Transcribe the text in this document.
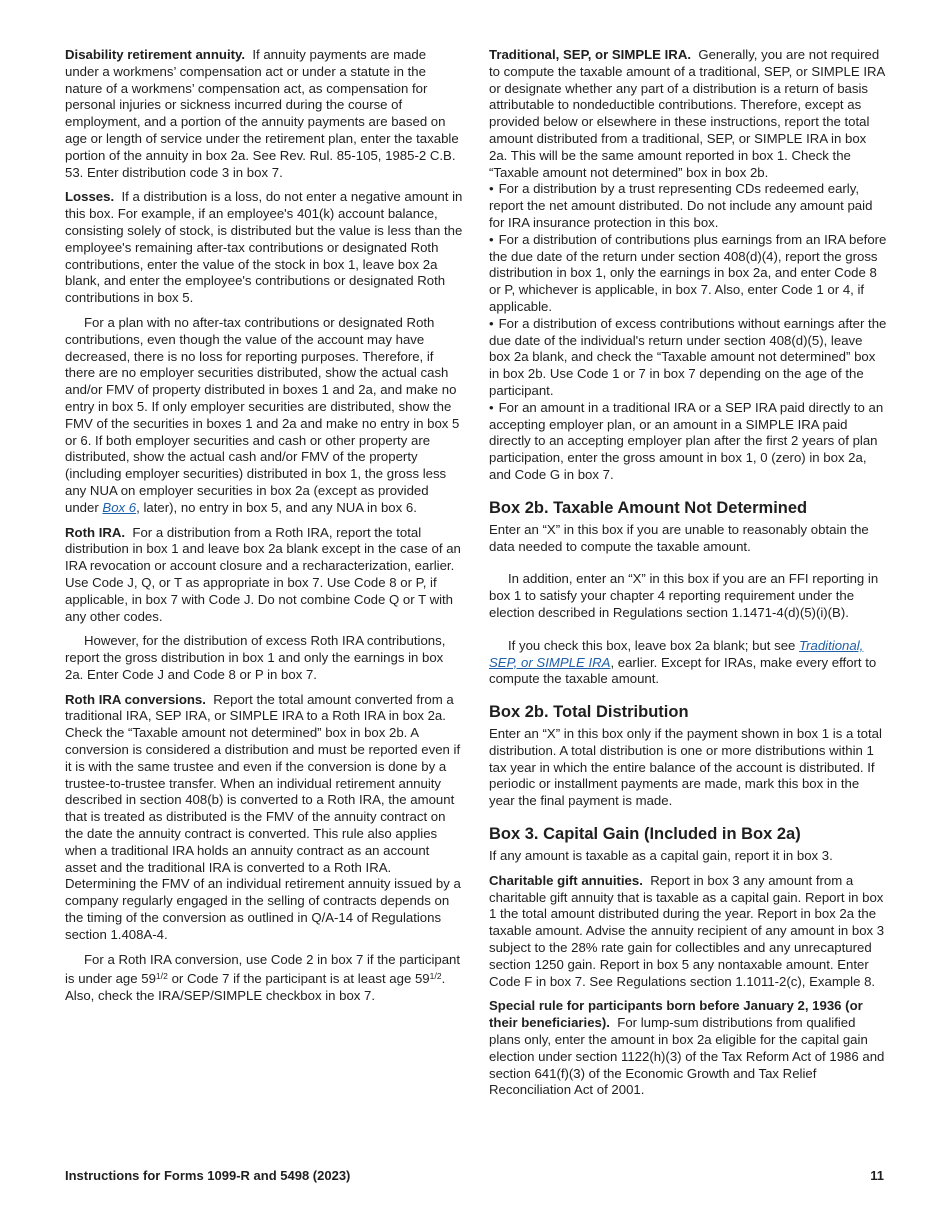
Disability retirement annuity. If annuity payments are made under a workmens’ compensation act or under a statute in the nature of a workmens’ compensation act, as compensation for personal injuries or sickness incurred during the course of employment, and a portion of the annuity payments are based on age or length of service under the retirement plan, enter the taxable portion of the annuity in box 2a. See Rev. Rul. 85-105, 1985-2 C.B. 53. Enter distribution code 3 in box 7.

Losses. If a distribution is a loss, do not enter a negative amount in this box. For example, if an employee's 401(k) account balance, consisting solely of stock, is distributed but the value is less than the employee's remaining after-tax contributions or designated Roth contributions, enter the value of the stock in box 1, leave box 2a blank, and enter the employee's contributions or designated Roth contributions in box 5.

For a plan with no after-tax contributions or designated Roth contributions, even though the value of the account may have decreased, there is no loss for reporting purposes. Therefore, if there are no employer securities distributed, show the actual cash and/or FMV of property distributed in boxes 1 and 2a, and make no entry in box 5. If only employer securities are distributed, show the FMV of the securities in boxes 1 and 2a and make no entry in box 5 or 6. If both employer securities and cash or other property are distributed, show the actual cash and/or FMV of the property (including employer securities) distributed in box 1, the gross less any NUA on employer securities in box 2a (except as provided under Box 6, later), no entry in box 5, and any NUA in box 6.

Roth IRA. For a distribution from a Roth IRA, report the total distribution in box 1 and leave box 2a blank except in the case of an IRA revocation or account closure and a recharacterization, earlier. Use Code J, Q, or T as appropriate in box 7. Use Code 8 or P, if applicable, in box 7 with Code J. Do not combine Code Q or T with any other codes.

However, for the distribution of excess Roth IRA contributions, report the gross distribution in box 1 and only the earnings in box 2a. Enter Code J and Code 8 or P in box 7.

Roth IRA conversions. Report the total amount converted from a traditional IRA, SEP IRA, or SIMPLE IRA to a Roth IRA in box 2a. Check the “Taxable amount not determined” box in box 2b. A conversion is considered a distribution and must be reported even if it is with the same trustee and even if the conversion is done by a trustee-to-trustee transfer. When an individual retirement annuity described in section 408(b) is converted to a Roth IRA, the amount that is treated as distributed is the FMV of the annuity contract on the date the annuity contract is converted. This rule also applies when a traditional IRA holds an annuity contract as an account asset and the traditional IRA is converted to a Roth IRA. Determining the FMV of an individual retirement annuity issued by a company regularly engaged in the selling of contracts depends on the timing of the conversion as outlined in Q/A-14 of Regulations section 1.408A-4.

For a Roth IRA conversion, use Code 2 in box 7 if the participant is under age $59^{1/2}$ or Code 7 if the participant is at least age $59^{1/2}$. Also, check the IRA/SEP/SIMPLE checkbox in box 7.

Traditional, SEP, or SIMPLE IRA. Generally, you are not required to compute the taxable amount of a traditional, SEP, or SIMPLE IRA or designate whether any part of a distribution is a return of basis attributable to nondeductible contributions. Therefore, except as provided below or elsewhere in these instructions, report the total amount distributed from a traditional, SEP, or SIMPLE IRA in box 2a. This will be the same amount reported in box 1. Check the “Taxable amount not determined” box in box 2b.

• For a distribution by a trust representing CDs redeemed early, report the net amount distributed. Do not include any amount paid for IRA insurance protection in this box.

• For a distribution of contributions plus earnings from an IRA before the due date of the return under section 408(d)(4), report the gross distribution in box 1, only the earnings in box 2a, and enter Code 8 or P, whichever is applicable, in box 7. Also, enter Code 1 or 4, if applicable.

• For a distribution of excess contributions without earnings after the due date of the individual's return under section 408(d)(5), leave box 2a blank, and check the “Taxable amount not determined” box in box 2b. Use Code 1 or 7 in box 7 depending on the age of the participant.

• For an amount in a traditional IRA or a SEP IRA paid directly to an accepting employer plan, or an amount in a SIMPLE IRA paid directly to an accepting employer plan after the first 2 years of plan participation, enter the gross amount in box 1, 0 (zero) in box 2a, and Code G in box 7.

Box 2b. Taxable Amount Not Determined

Enter an “X” in this box if you are unable to reasonably obtain the data needed to compute the taxable amount.

In addition, enter an “X” in this box if you are an FFI reporting in box 1 to satisfy your chapter 4 reporting requirement under the election described in Regulations section 1.1471-4(d)(5)(i)(B).

If you check this box, leave box 2a blank; but see Traditional, SEP, or SIMPLE IRA, earlier. Except for IRAs, make every effort to compute the taxable amount.

Box 2b. Total Distribution

Enter an “X” in this box only if the payment shown in box 1 is a total distribution. A total distribution is one or more distributions within 1 tax year in which the entire balance of the account is distributed. If periodic or installment payments are made, mark this box in the year the final payment is made.

Box 3. Capital Gain (Included in Box 2a)

If any amount is taxable as a capital gain, report it in box 3.

Charitable gift annuities. Report in box 3 any amount from a charitable gift annuity that is taxable as a capital gain. Report in box 1 the total amount distributed during the year. Report in box 2a the taxable amount. Advise the annuity recipient of any amount in box 3 subject to the 28% rate gain for collectibles and any unrecaptured section 1250 gain. Report in box 5 any nontaxable amount. Enter Code F in box 7. See Regulations section 1.1011-2(c), Example 8.

Special rule for participants born before January 2, 1936 (or their beneficiaries). For lump-sum distributions from qualified plans only, enter the amount in box 2a eligible for the capital gain election under section 1122(h)(3) of the Tax Reform Act of 1986 and section 641(f)(3) of the Economic Growth and Tax Relief Reconciliation Act of 2001.

Instructions for Forms 1099-R and 5498 (2023)	11
